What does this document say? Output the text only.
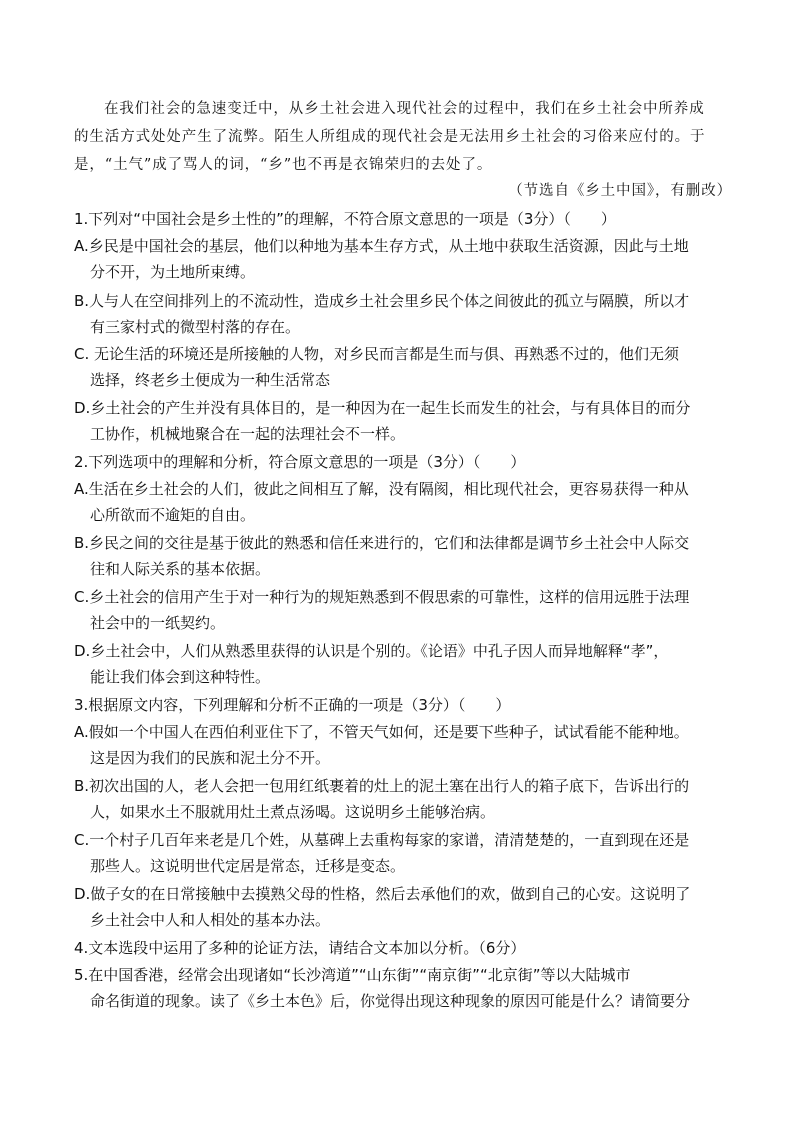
在我们社会的急速变迁中，从乡土社会进入现代社会的过程中，我们在乡土社会中所养成

的生活方式处处产生了流弊。陌生人所组成的现代社会是无法用乡土社会的习俗来应付的。于

是，“土气”成了骂人的词，“乡”也不再是衣锦荣归的去处了。

（节选自《乡土中国》，有删改）

1.下列对“中国社会是乡土性的”的理解，不符合原文意思的一项是（3分）（　　）

A.乡民是中国社会的基层，他们以种地为基本生存方式，从土地中获取生活资源，因此与土地
分不开，为土地所束缚。
B.人与人在空间排列上的不流动性，造成乡土社会里乡民个体之间彼此的孤立与隔膜，所以才
有三家村式的微型村落的存在。
C. 无论生活的环境还是所接触的人物，对乡民而言都是生而与俱、再熟悉不过的，他们无须
选择，终老乡土便成为一种生活常态
D.乡土社会的产生并没有具体目的，是一种因为在一起生长而发生的社会，与有具体目的而分
工协作，机械地聚合在一起的法理社会不一样。

2.下列选项中的理解和分析，符合原文意思的一项是（3分）（　　）

A.生活在乡土社会的人们，彼此之间相互了解，没有隔阂，相比现代社会，更容易获得一种从
心所欲而不逾矩的自由。
B.乡民之间的交往是基于彼此的熟悉和信任来进行的，它们和法律都是调节乡土社会中人际交
往和人际关系的基本依据。
C.乡土社会的信用产生于对一种行为的规矩熟悉到不假思索的可靠性，这样的信用远胜于法理
社会中的一纸契约。
D.乡土社会中，人们从熟悉里获得的认识是个别的。《论语》中孔子因人而异地解释“孝”，
能让我们体会到这种特性。

3.根据原文内容，下列理解和分析不正确的一项是（3分）（　　）

A.假如一个中国人在西伯利亚住下了，不管天气如何，还是要下些种子，试试看能不能种地。
这是因为我们的民族和泥土分不开。
B.初次出国的人，老人会把一包用红纸裹着的灶上的泥土塞在出行人的箱子底下，告诉出行的
人，如果水土不服就用灶土煮点汤喝。这说明乡土能够治病。
C.一个村子几百年来老是几个姓，从墓碑上去重构每家的家谱，清清楚楚的，一直到现在还是
那些人。这说明世代定居是常态，迁移是变态。
D.做子女的在日常接触中去摸熟父母的性格，然后去承他们的欢，做到自己的心安。这说明了
乡土社会中人和人相处的基本办法。

4.文本选段中运用了多种的论证方法，请结合文本加以分析。（6分）

5.在中国香港，经常会出现诸如“长沙湾道”“山东街”“南京街”“北京街”等以大陆城市

命名街道的现象。读了《乡土本色》后，你觉得出现这种现象的原因可能是什么？请简要分
